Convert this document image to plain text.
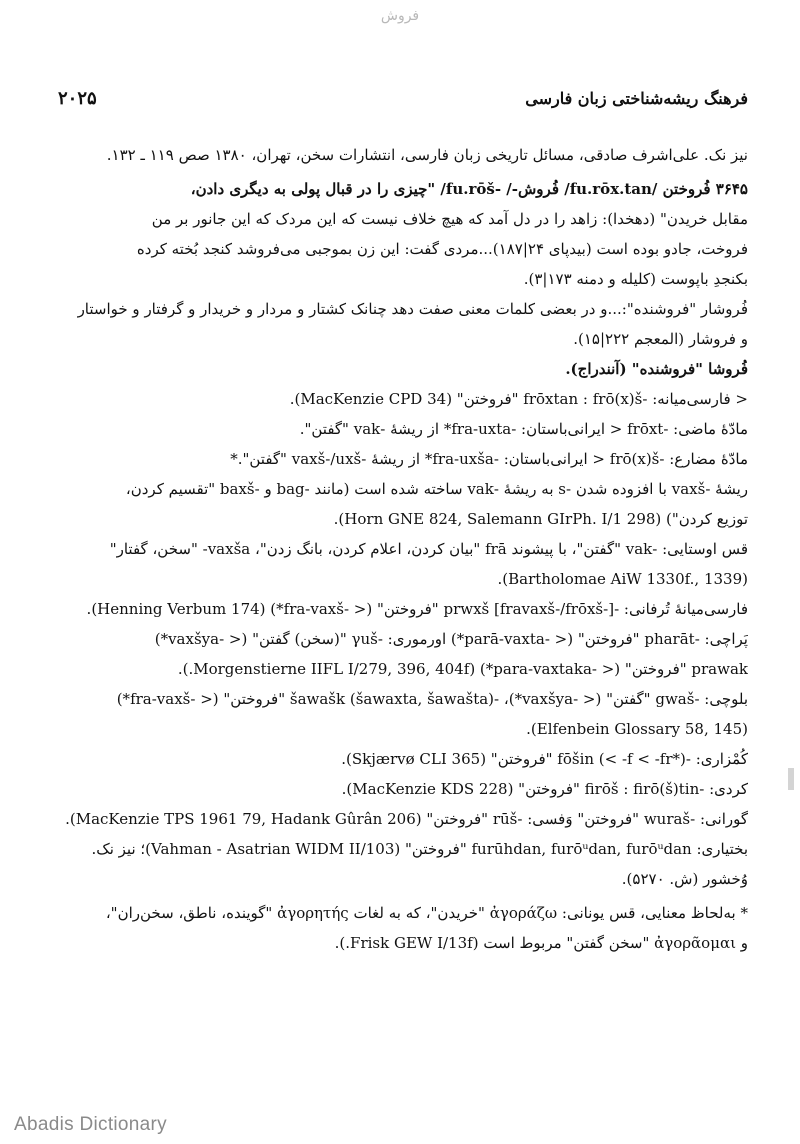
فروش
فرهنگ ریشه‌شناختی زبان فارسی
۲۰۲۵
نیز نک. علی‌اشرف صادقی، مسائل تاریخی زبان فارسی، انتشارات سخن، تهران، ۱۳۸۰ صص ۱۱۹ ـ ۱۳۲.
۳۶۴۵ فُروختن /fu.rōx.tan/ فُروش-/ -fu.rōš/ "چیزی را در قبال پولی به دیگری دادن،
مقابل خریدن" (دهخدا): زاهد را در دل آمد که هیچ خلاف نیست که این مردک که این جانور بر من
فروخت، جادو بوده است (بیدپای ۲۴|۱۸۷)...مردی گفت: این زن بموجبی می‌فروشد کنجد بُخته کرده
بکنجدِ باپوست (کلیله و دمنه ۱۷۳|۳).
فُروشار "فروشنده":...و در بعضی کلمات معنی صفت دهد چنانک کشتار و مردار و خریدار و گرفتار و خواستار
و فروشار (المعجم ۲۲۲|۱۵).
فُروشا "فروشنده" (آنندراج).
< فارسی‌میانه: -frōxtan : frō(x)š "فروختن" (MacKenzie CPD 34).
مادّهٔ ماضی: -frōxt < ایرانی‌باستان: -fra-uxta* از ریشهٔ -vak "گفتن".
مادّهٔ مضارع: -frō(x)š < ایرانی‌باستان: -fra-uxša* از ریشهٔ -vaxš-/uxš "گفتن".*
ریشهٔ -vaxš با افزوده شدن -s به ریشهٔ -vak ساخته شده است (مانند -bag و -baxš "تقسیم کردن،
توزیع کردن") (Horn GNE 824, Salemann GIrPh. I/1 298).
قس اوستایی: -vak "گفتن"، با پیشوند frā "بیان کردن، اعلام کردن، بانگ زدن"، vaxša- "سخن، گفتار"
(Bartholomae AiW 1330f., 1339).
فارسی‌میانهٔ تُرفانی: -prwxš [fravaxš-/frōxš-] "فروختن" (< -fra-vaxš*) (Henning Verbum 174).
پَراچی: -pharāt "فروختن" (< -parā-vaxta*) اورموری: -γuš "(سخن) گفتن" (< -vaxšya*)
prawak "فروختن" (< -para-vaxtaka*) (Morgenstierne IIFL I/279, 396, 404f.).
بلوچی: -gwaš "گفتن" (< -vaxšya*)، -šawašk (šawaxta, šawašta) "فروختن" (< -fra-vaxš*)
(Elfenbein Glossary 58, 145).
کُمْزاری: -fōšin (< -f < -fr*) "فروختن" (Skjærvø CLI 365).
کردی: -firōš : firō(š)tin "فروختن" (MacKenzie KDS 228).
گورانی: -wuraš "فروختن" وَفسی: -rūš "فروختن" (MacKenzie TPS 1961 79, Hadank Gûrân 206).
بختیاری: furūhdan, furōᵘdan, furōᵘdan "فروختن" (Vahman - Asatrian WIDM II/103)؛ نیز نک.
وُخشور (ش. ۵۲۷۰).
* به‌لحاظ معنایی، قس یونانی: ἀγοράζω "خریدن"، که به لغات ἀγορητής "گوینده، ناطق، سخن‌ران"،
و ἀγορᾶομαι "سخن گفتن" مربوط است (Frisk GEW I/13f.).
Abadis Dictionary
